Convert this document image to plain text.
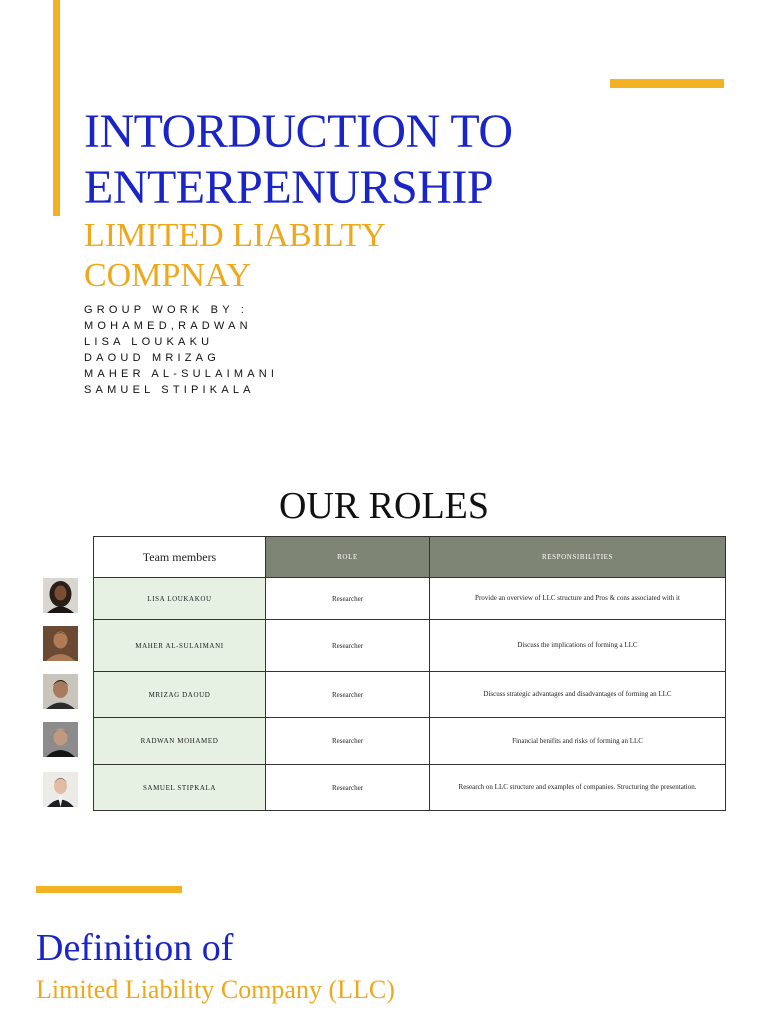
INTORDUCTION TO
ENTERPENURSHIP
LIMITED LIABILTY
COMPNAY
GROUP WORK BY :
MOHAMED,RADWAN
LISA LOUKAKU
DAOUD MRIZAG
MAHER AL-SULAIMANI
SAMUEL STIPIKALA
OUR ROLES
Team members	ROLE	RESPONSIBILITIES
LISA LOUKAKOU	Researcher	Provide an overview of LLC structure and Pros & cons associated with it
MAHER AL-SULAIMANI	Researcher	Discuss the implications of forming a LLC
MRIZAG DAOUD	Researcher	Discuss strategic advantages and disadvantages of forming an LLC
RADWAN MOHAMED	Researcher	Financial benifits and risks of forming an LLC
SAMUEL STIPKALA	Researcher	Research on LLC structure and examples of companies. Structuring the presentation.
Definition of
Limited Liability Company (LLC)
